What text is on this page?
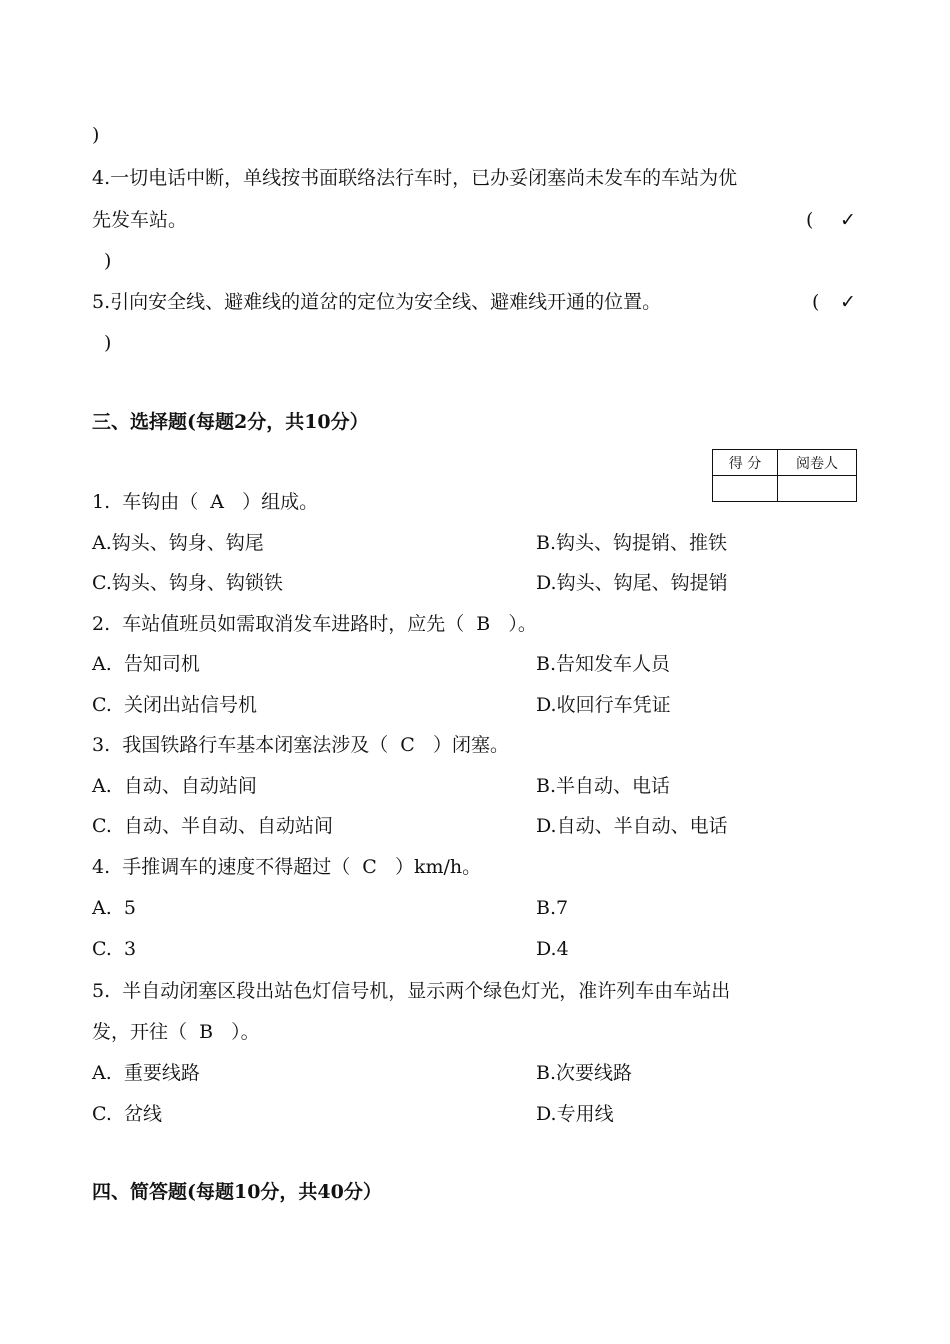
)
4.一切电话中断，单线按书面联络法行车时，已办妥闭塞尚未发车的车站为优
先发车站。	( ✓
)
5.引向安全线、避难线的道岔的定位为安全线、避难线开通的位置。	( ✓
)
三、选择题(每题2分，共10分）
得 分	阅卷人

1.  车钩由（  A   ）组成。
A.钩头、钩身、钩尾	B.钩头、钩提销、推铁
C.钩头、钩身、钩锁铁	D.钩头、钩尾、钩提销
2.  车站值班员如需取消发车进路时，应先（  B   ）。
A.  告知司机	B.告知发车人员
C.  关闭出站信号机	D.收回行车凭证
3.  我国铁路行车基本闭塞法涉及（  C   ）闭塞。
A.  自动、自动站间	B.半自动、电话
C.  自动、半自动、自动站间	D.自动、半自动、电话
4.  手推调车的速度不得超过（  C   ）km/h。
A.  5	B.7
C.  3	D.4
5.  半自动闭塞区段出站色灯信号机，显示两个绿色灯光，准许列车由车站出
发，开往（  B   ）。
A.  重要线路	B.次要线路
C.  岔线	D.专用线
四、简答题(每题10分，共40分）
